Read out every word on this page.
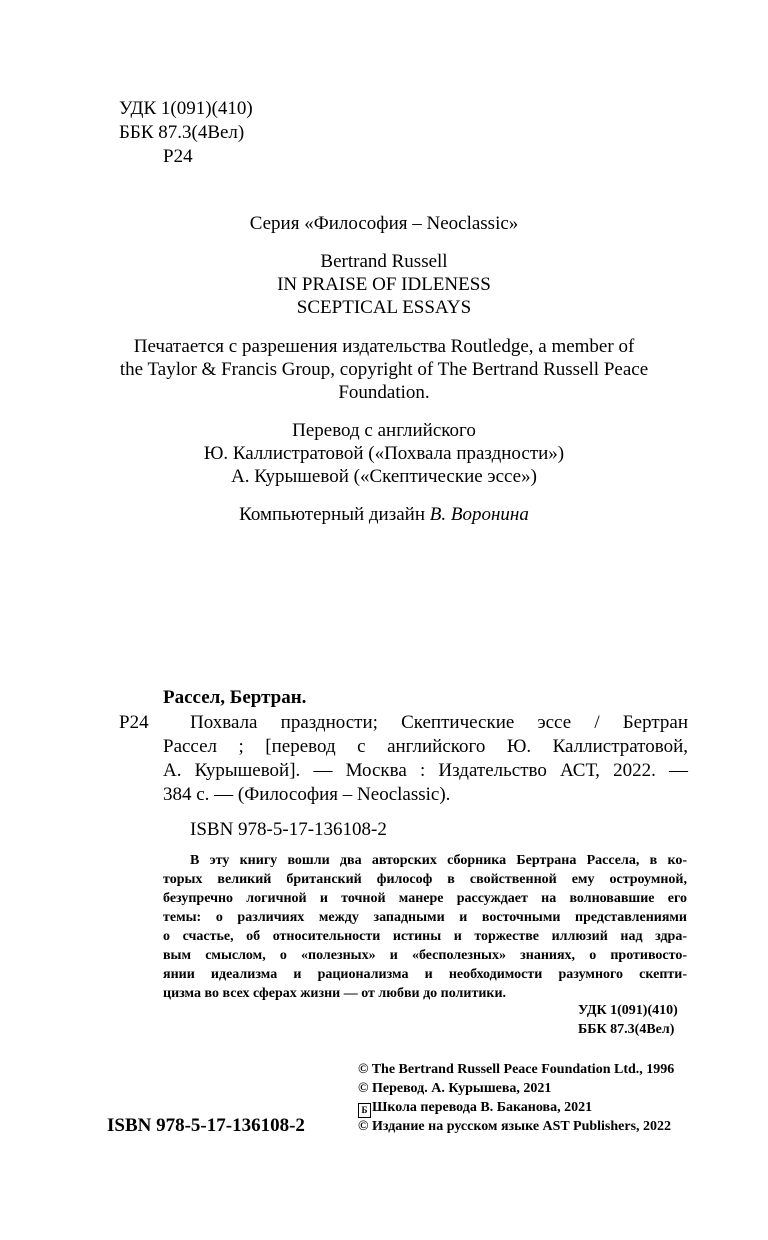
УДК 1(091)(410)
ББК 87.3(4Вел)
Р24
Серия «Философия – Neoclassic»
Bertrand Russell
IN PRAISE OF IDLENESS
SCEPTICAL ESSAYS
Печатается с разрешения издательства Routledge, a member of
the Taylor & Francis Group, copyright of The Bertrand Russell Peace
Foundation.
Перевод с английского
Ю. Каллистратовой («Похвала праздности»)
А. Курышевой («Скептические эссе»)
Компьютерный дизайн В. Воронина
Рассел, Бертран.
Р24 Похвала праздности; Скептические эссе / Бертран
Рассел ; [перевод с английского Ю. Каллистратовой,
А. Курышевой]. — Москва : Издательство АСТ, 2022. —
384 с. — (Философия – Neoclassic).
ISBN 978-5-17-136108-2
В эту книгу вошли два авторских сборника Бертрана Рассела, в ко-
торых великий британский философ в свойственной ему остроумной,
безупречно логичной и точной манере рассуждает на волновавшие его
темы: о различиях между западными и восточными представлениями
о счастье, об относительности истины и торжестве иллюзий над здра-
вым смыслом, о «полезных» и «бесполезных» знаниях, о противосто-
янии идеализма и рационализма и необходимости разумного скепти-
цизма во всех сферах жизни — от любви до политики.
УДК 1(091)(410)
ББК 87.3(4Вел)
© The Bertrand Russell Peace Foundation Ltd., 1996
© Перевод. А. Курышева, 2021
Б Школа перевода В. Баканова, 2021
© Издание на русском языке AST Publishers, 2022
ISBN 978-5-17-136108-2
